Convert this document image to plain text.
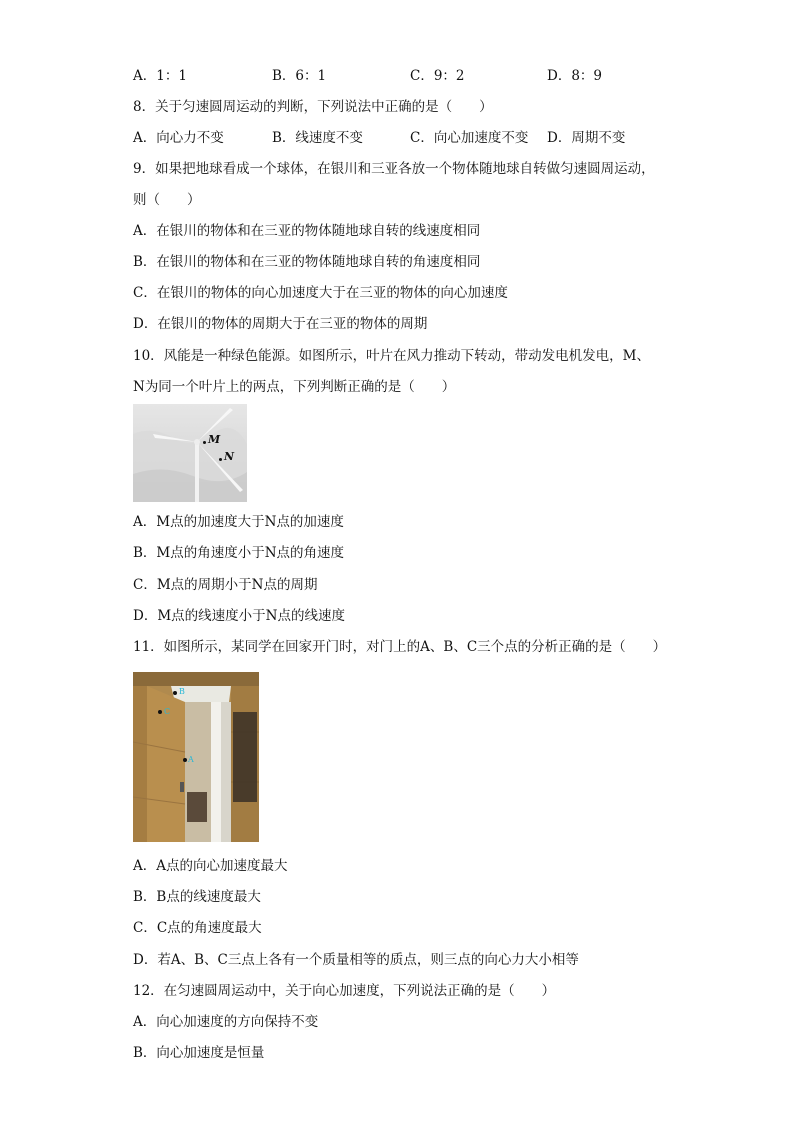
A．1：1	B．6：1	C．9：2	D．8：9
8．关于匀速圆周运动的判断，下列说法中正确的是（　　）
A．向心力不变	B．线速度不变	C．向心加速度不变 D．周期不变
9．如果把地球看成一个球体，在银川和三亚各放一个物体随地球自转做匀速圆周运动，
则（　　）
A．在银川的物体和在三亚的物体随地球自转的线速度相同
B．在银川的物体和在三亚的物体随地球自转的角速度相同
C．在银川的物体的向心加速度大于在三亚的物体的向心加速度
D．在银川的物体的周期大于在三亚的物体的周期
10．风能是一种绿色能源。如图所示，叶片在风力推动下转动，带动发电机发电，M、
N为同一个叶片上的两点，下列判断正确的是（　　）
M
N
A．M点的加速度大于N点的加速度
B．M点的角速度小于N点的角速度
C．M点的周期小于N点的周期
D．M点的线速度小于N点的线速度
11．如图所示，某同学在回家开门时，对门上的A、B、C三个点的分析正确的是（　　）
B
C
A
A．A点的向心加速度最大
B．B点的线速度最大
C．C点的角速度最大
D．若A、B、C三点上各有一个质量相等的质点，则三点的向心力大小相等
12．在匀速圆周运动中，关于向心加速度，下列说法正确的是（　　）
A．向心加速度的方向保持不变
B．向心加速度是恒量
